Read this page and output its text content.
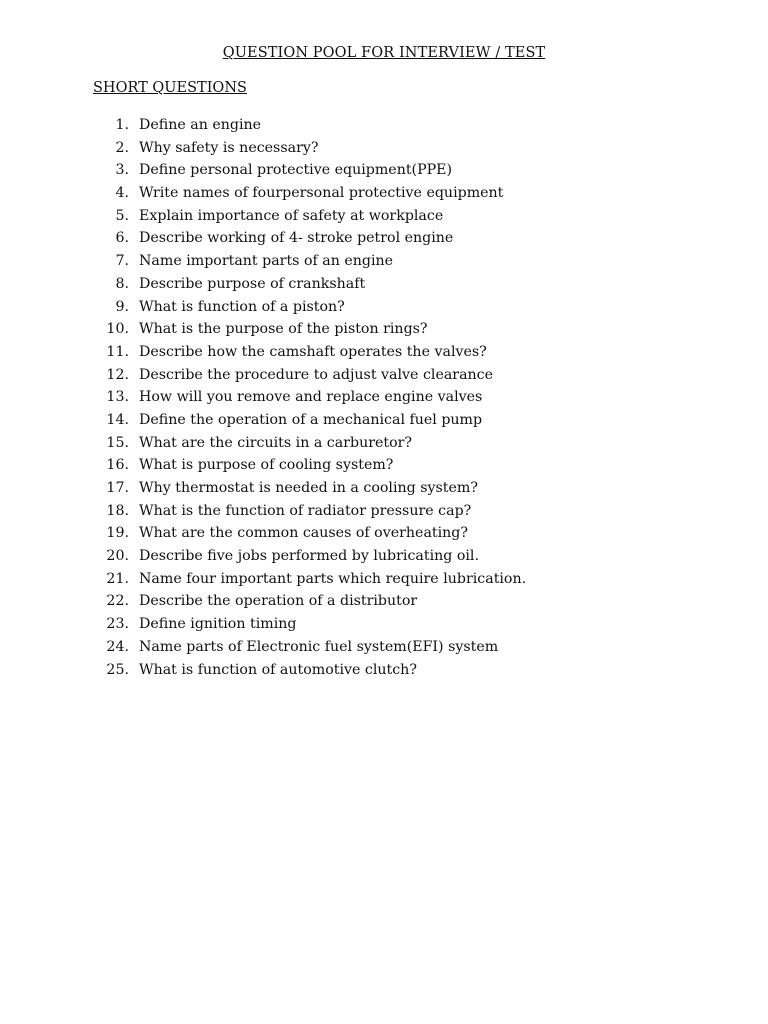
QUESTION POOL FOR INTERVIEW / TEST
SHORT QUESTIONS
1. Define an engine
2. Why safety is necessary?
3. Define personal protective equipment(PPE)
4. Write names of fourpersonal protective equipment
5. Explain importance of safety at workplace
6. Describe working of 4- stroke petrol engine
7. Name important parts of an engine
8. Describe purpose of crankshaft
9. What is function of a piston?
10. What is the purpose of the piston rings?
11. Describe how the camshaft operates the valves?
12. Describe the procedure to adjust valve clearance
13. How will you remove and replace engine valves
14. Define the operation of a mechanical fuel pump
15. What are the circuits in a carburetor?
16. What is purpose of cooling system?
17. Why thermostat is needed in a cooling system?
18. What is the function of radiator pressure cap?
19. What are the common causes of overheating?
20. Describe five jobs performed by lubricating oil.
21. Name four important parts which require lubrication.
22. Describe the operation of a distributor
23. Define ignition timing
24. Name parts of Electronic fuel system(EFI) system
25. What is function of automotive clutch?
